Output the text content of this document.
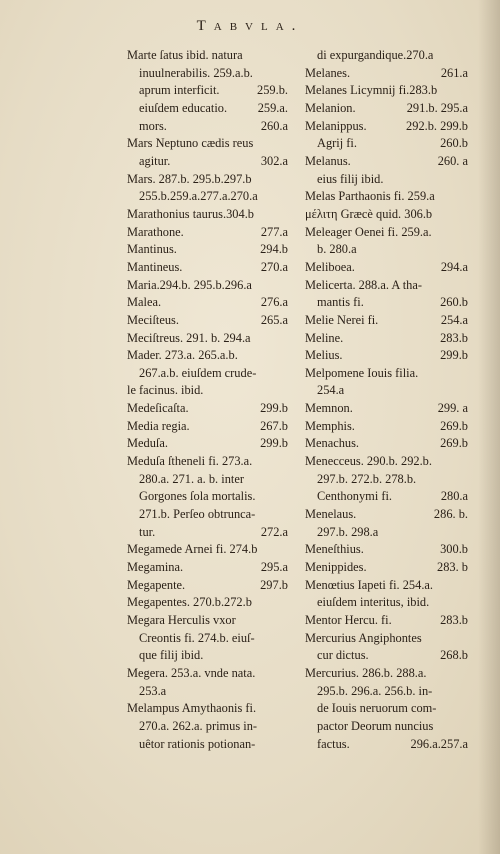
Tabvla.
Marte ſatus ibid. natura
inuulnerabilis. 259.a.b.
aprum interficit.	259.b.
eiuſdem educatio.	259.a.
mors.	260.a
Mars Neptuno cædis reus
agitur.	302.a
Mars. 287.b. 295.b.297.b
255.b.259.a.277.a.270.a
Marathonius taurus.304.b
Marathone.	277.a
Mantinus.	294.b
Mantineus.	270.a
Maria.294.b. 295.b.296.a
Malea.	276.a
Meciſteus.	265.a
Meciſtreus. 291. b. 294.a
Mader. 273.a. 265.a.b.
267.a.b. eiuſdem crude-
le facinus. ibid.
Medeſicaſta.	299.b
Media regia.	267.b
Meduſa.	299.b
Meduſa ſtheneli fi. 273.a.
280.a. 271. a. b. inter
Gorgones ſola mortalis.
271.b. Perſeo obtrunca-
tur.	272.a
Megamede Arnei fi. 274.b
Megamina.	295.a
Megapente.	297.b
Megapentes. 270.b.272.b
Megara Herculis vxor
Creontis fi. 274.b. eiuſ-
que filij ibid.
Megera. 253.a. vnde nata.
253.a
Melampus Amythaonis fi.
270.a. 262.a. primus in-
uêtor rationis potionan-
di expurgandique.270.a
Melanes.	261.a
Melanes Licymnij fi.283.b
Melanion.	291.b. 295.a
Melanippus.	292.b. 299.b
Agrij fi.	260.b
Melanus.	260. a
eius filij ibid.
Melas Parthaonis fi. 259.a
μέλιτη Græcè quid. 306.b
Meleager Oenei fi. 259.a.
b. 280.a
Meliboea.	294.a
Melicerta. 288.a. A tha-
mantis fi.	260.b
Melie Nerei fi.	254.a
Meline.	283.b
Melius.	299.b
Melpomene Iouis filia.
254.a
Memnon.	299. a
Memphis.	269.b
Menachus.	269.b
Menecceus. 290.b. 292.b.
297.b. 272.b. 278.b.
Centhonymi fi.	280.a
Menelaus.	286. b.
297.b. 298.a
Meneſthius.	300.b
Menippides.	283. b
Menœtius Iapeti fi. 254.a.
eiuſdem interitus, ibid.
Mentor Hercu. fi.	283.b
Mercurius Angiphontes
cur dictus.	268.b
Mercurius. 286.b. 288.a.
295.b. 296.a. 256.b. in-
de Iouis neruorum com-
pactor Deorum nuncius
factus.	296.a.257.a
